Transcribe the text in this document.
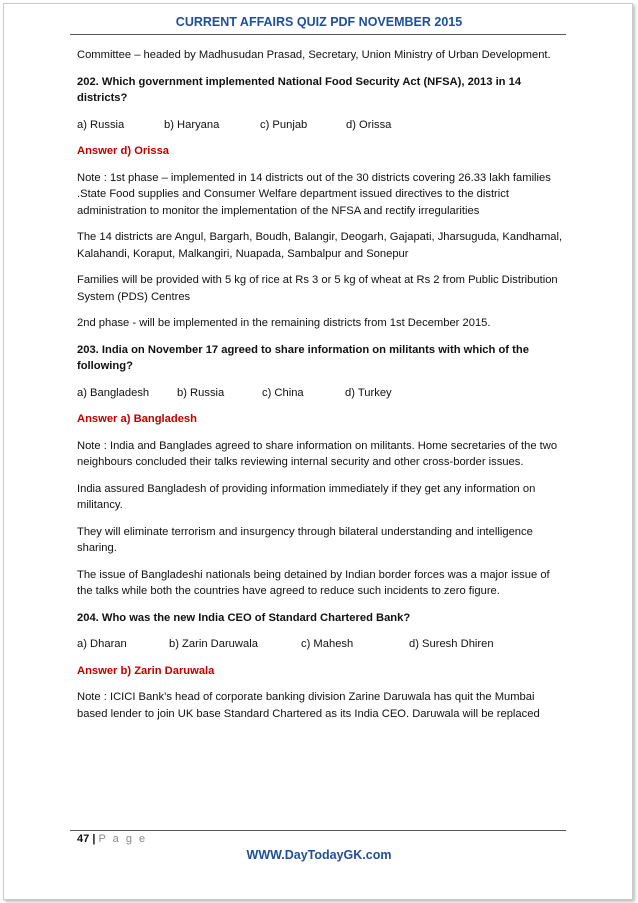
CURRENT AFFAIRS QUIZ PDF NOVEMBER 2015

Committee – headed by Madhusudan Prasad, Secretary, Union Ministry of Urban Development.

202. Which government implemented National Food Security Act (NFSA), 2013 in 14 districts?

a) Russia	b) Haryana	c) Punjab	d) Orissa

Answer d) Orissa

Note : 1st phase – implemented in 14 districts out of the 30 districts covering 26.33 lakh families .State Food supplies and Consumer Welfare department issued directives to the district administration to monitor the implementation of the NFSA and rectify irregularities

The 14 districts are Angul, Bargarh, Boudh, Balangir, Deogarh, Gajapati, Jharsuguda, Kandhamal, Kalahandi, Koraput, Malkangiri, Nuapada, Sambalpur and Sonepur

Families will be provided with 5 kg of rice at Rs 3 or 5 kg of wheat at Rs 2 from Public Distribution System (PDS) Centres

2nd phase - will be implemented in the remaining districts from 1st December 2015.

203. India on November 17 agreed to share information on militants with which of the following?

a) Bangladesh	b) Russia	c) China	d) Turkey

Answer a) Bangladesh

Note : India and Banglades agreed to share information on militants. Home secretaries of the two neighbours concluded their talks reviewing internal security and other cross-border issues.

India assured Bangladesh of providing information immediately if they get any information on militancy.

They will eliminate terrorism and insurgency through bilateral understanding and intelligence sharing.

The issue of Bangladeshi nationals being detained by Indian border forces was a major issue of the talks while both the countries have agreed to reduce such incidents to zero figure.

204. Who was the new India CEO of Standard Chartered Bank?

a) Dharan	b) Zarin Daruwala	c) Mahesh	d) Suresh Dhiren

Answer b) Zarin Daruwala

Note : ICICI Bank’s head of corporate banking division Zarine Daruwala has quit the Mumbai based lender to join UK base Standard Chartered as its India CEO. Daruwala will be replaced

47 | P a g e
WWW.DayTodayGK.com
